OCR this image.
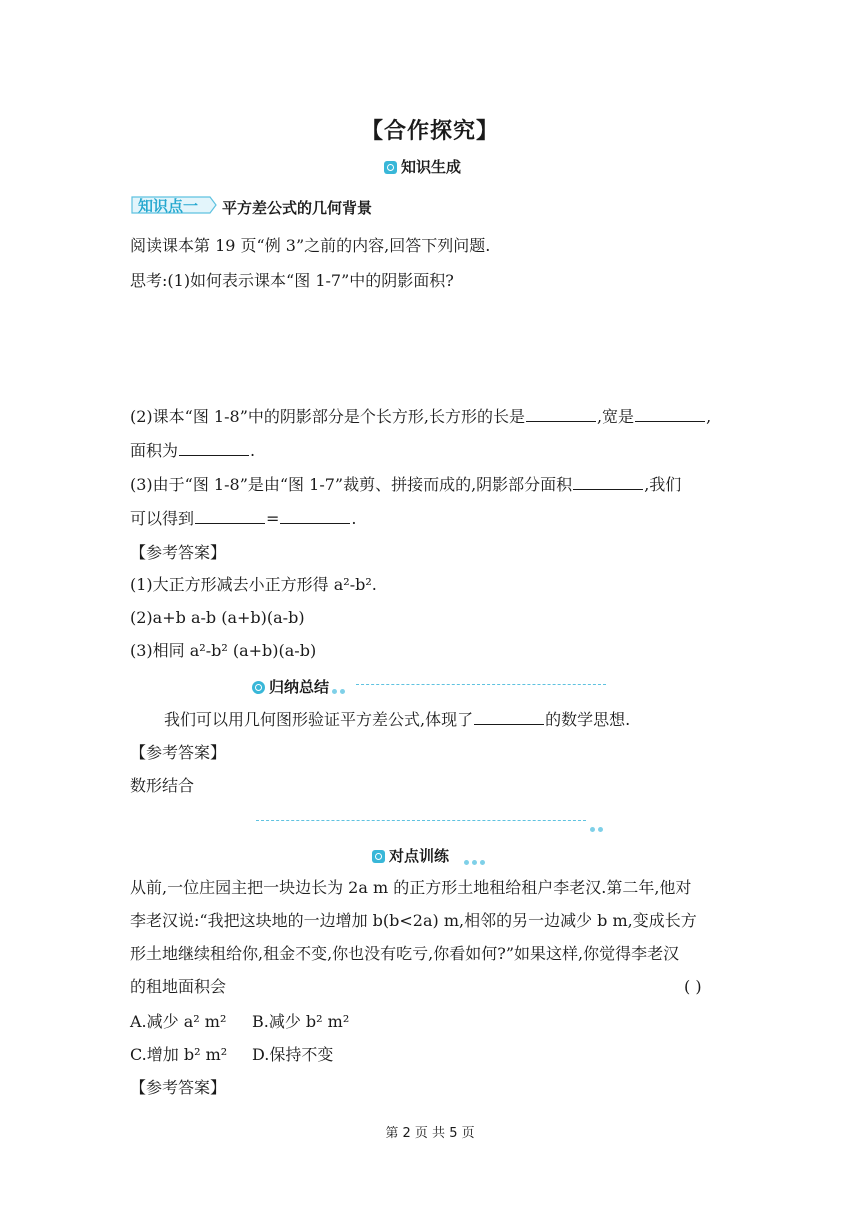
【合作探究】
知识生成
知识点一 平方差公式的几何背景
阅读课本第 19 页“例 3”之前的内容,回答下列问题.
思考:(1)如何表示课本“图 1-7”中的阴影面积?
(2)课本“图 1-8”中的阴影部分是个长方形,长方形的长是	,宽是	,
面积为	.
(3)由于“图 1-8”是由“图 1-7”裁剪、拼接而成的,阴影部分面积	,我们
可以得到	=	.
【参考答案】
(1)大正方形减去小正方形得 a²-b².
(2)a+b a-b (a+b)(a-b)
(3)相同 a²-b² (a+b)(a-b)
归纳总结
我们可以用几何图形验证平方差公式,体现了	的数学思想.
【参考答案】
数形结合
对点训练
从前,一位庄园主把一块边长为 2a m 的正方形土地租给租户李老汉.第二年,他对
李老汉说:“我把这块地的一边增加 b(b<2a) m,相邻的另一边减少 b m,变成长方
形土地继续租给你,租金不变,你也没有吃亏,你看如何?”如果这样,你觉得李老汉
的租地面积会	( )
A.减少 a² m² B.减少 b² m²
C.增加 b² m² D.保持不变
【参考答案】
第 2 页 共 5 页
